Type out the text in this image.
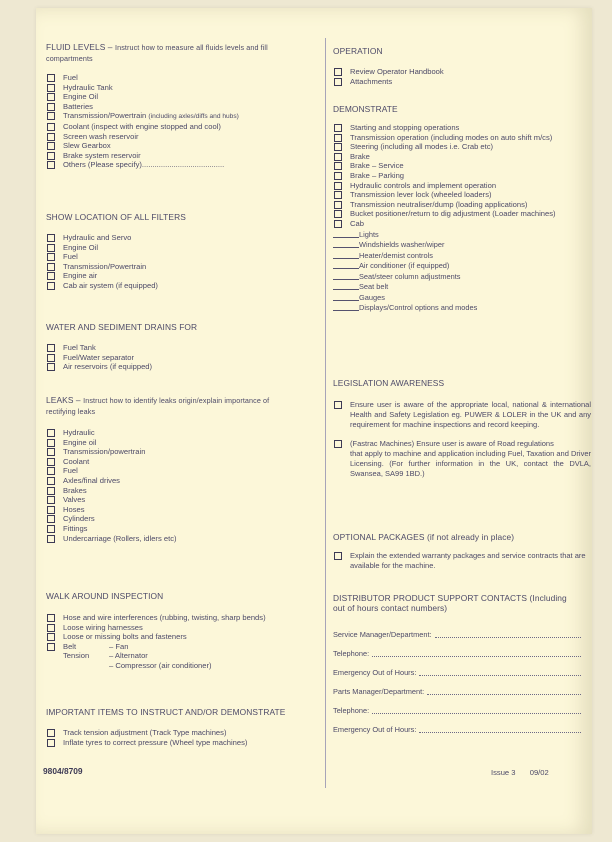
FLUID LEVELS – Instruct how to measure all fluids levels and fill compartments

Fuel
Hydraulic Tank
Engine Oil
Batteries
Transmission/Powertrain (including axles/diffs and hubs)
Coolant (inspect with engine stopped and cool)
Screen wash reservoir
Slew Gearbox
Brake system reservoir
Others (Please specify).......................................

SHOW LOCATION OF ALL FILTERS

Hydraulic and Servo
Engine Oil
Fuel
Transmission/Powertrain
Engine air
Cab air system (if equipped)

WATER AND SEDIMENT DRAINS FOR

Fuel Tank
Fuel/Water separator
Air reservoirs (if equipped)

LEAKS – Instruct how to identify leaks origin/explain importance of rectifying leaks

Hydraulic
Engine oil
Transmission/powertrain
Coolant
Fuel
Axles/final drives
Brakes
Valves
Hoses
Cylinders
Fittings
Undercarriage (Rollers, idlers etc)

WALK AROUND INSPECTION

Hose and wire interferences (rubbing, twisting, sharp bends)
Loose wiring harnesses
Loose or missing bolts and fasteners
Belt Tension
– Fan
– Alternator
– Compressor (air conditioner)

IMPORTANT ITEMS TO INSTRUCT AND/OR DEMONSTRATE

Track tension adjustment (Track Type machines)
Inflate tyres to correct pressure (Wheel type machines)
9804/8709

OPERATION

Review Operator Handbook
Attachments

DEMONSTRATE

Starting and stopping operations
Transmission operation (including modes on auto shift m/cs)
Steering (including all modes i.e. Crab etc)
Brake
Brake – Service
Brake – Parking
Hydraulic controls and implement operation
Transmission lever lock (wheeled loaders)
Transmission neutraliser/dump (loading applications)
Bucket positioner/return to dig adjustment (Loader machines)
Cab
Lights
Windshields washer/wiper
Heater/demist controls
Air conditioner (if equipped)
Seat/steer column adjustments
Seat belt
Gauges
Displays/Control options and modes

LEGISLATION AWARENESS

Ensure user is aware of the appropriate local, national & international Health and Safety Legislation eg. PUWER & LOLER in the UK and any requirement for machine inspections and record keeping.
(Fastrac Machines) Ensure user is aware of Road regulations
that apply to machine and application including Fuel, Taxation and Driver Licensing. (For further information in the UK, contact the DVLA, Swansea, SA99 1BD.)

OPTIONAL PACKAGES (if not already in place)

Explain the extended warranty packages and service contracts that are available for the machine.

DISTRIBUTOR PRODUCT SUPPORT CONTACTS (Including out of hours contact numbers)

Service Manager/Department:
Telephone:
Emergency Out of Hours:
Parts Manager/Department:
Telephone:
Emergency Out of Hours:
Issue 3 09/02
